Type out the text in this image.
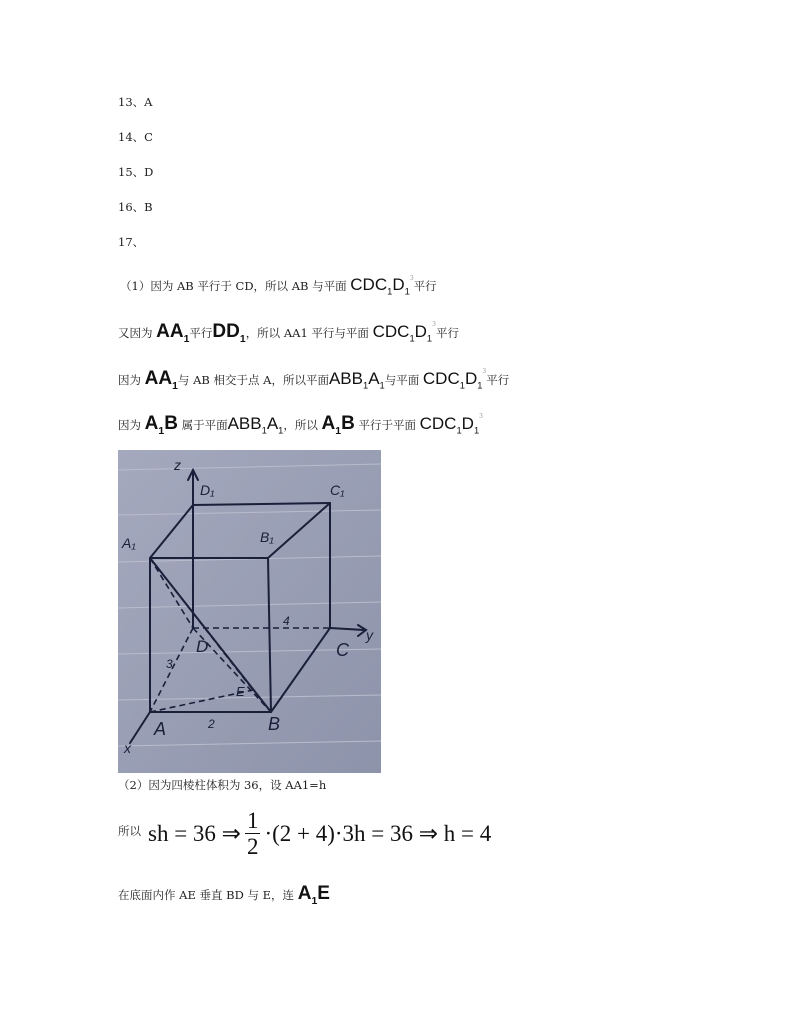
13、A
14、C
15、D
16、B
17、
（1）因为 AB 平行于 CD，所以 AB 与平面 $CDC_1D_1^3$平行
又因为 $AA_1$平行$DD_1$，所以 AA1 平行与平面 $CDC_1D_1^3$平行
因为 $AA_1$与 AB 相交于点 A，所以平面$ABB_1A_1$与平面 $CDC_1D_1^3$平行
因为 $A_1B$ 属于平面$ABB_1A_1$，所以 $A_1B$ 平行于平面 $CDC_1D_1^3$
z
D₁	C₁
A₁	B₁
D	C
y
E
A	B
x
4
3
2
（2）因为四棱柱体积为 36，设 AA1=h
所以 sh = 36 ⇒ $\frac{1}{2} \cdot(2 + 4)\cdot 3h = 36$ ⇒ h = 4
在底面内作 AE 垂直 BD 与 E，连 $A_1E$
